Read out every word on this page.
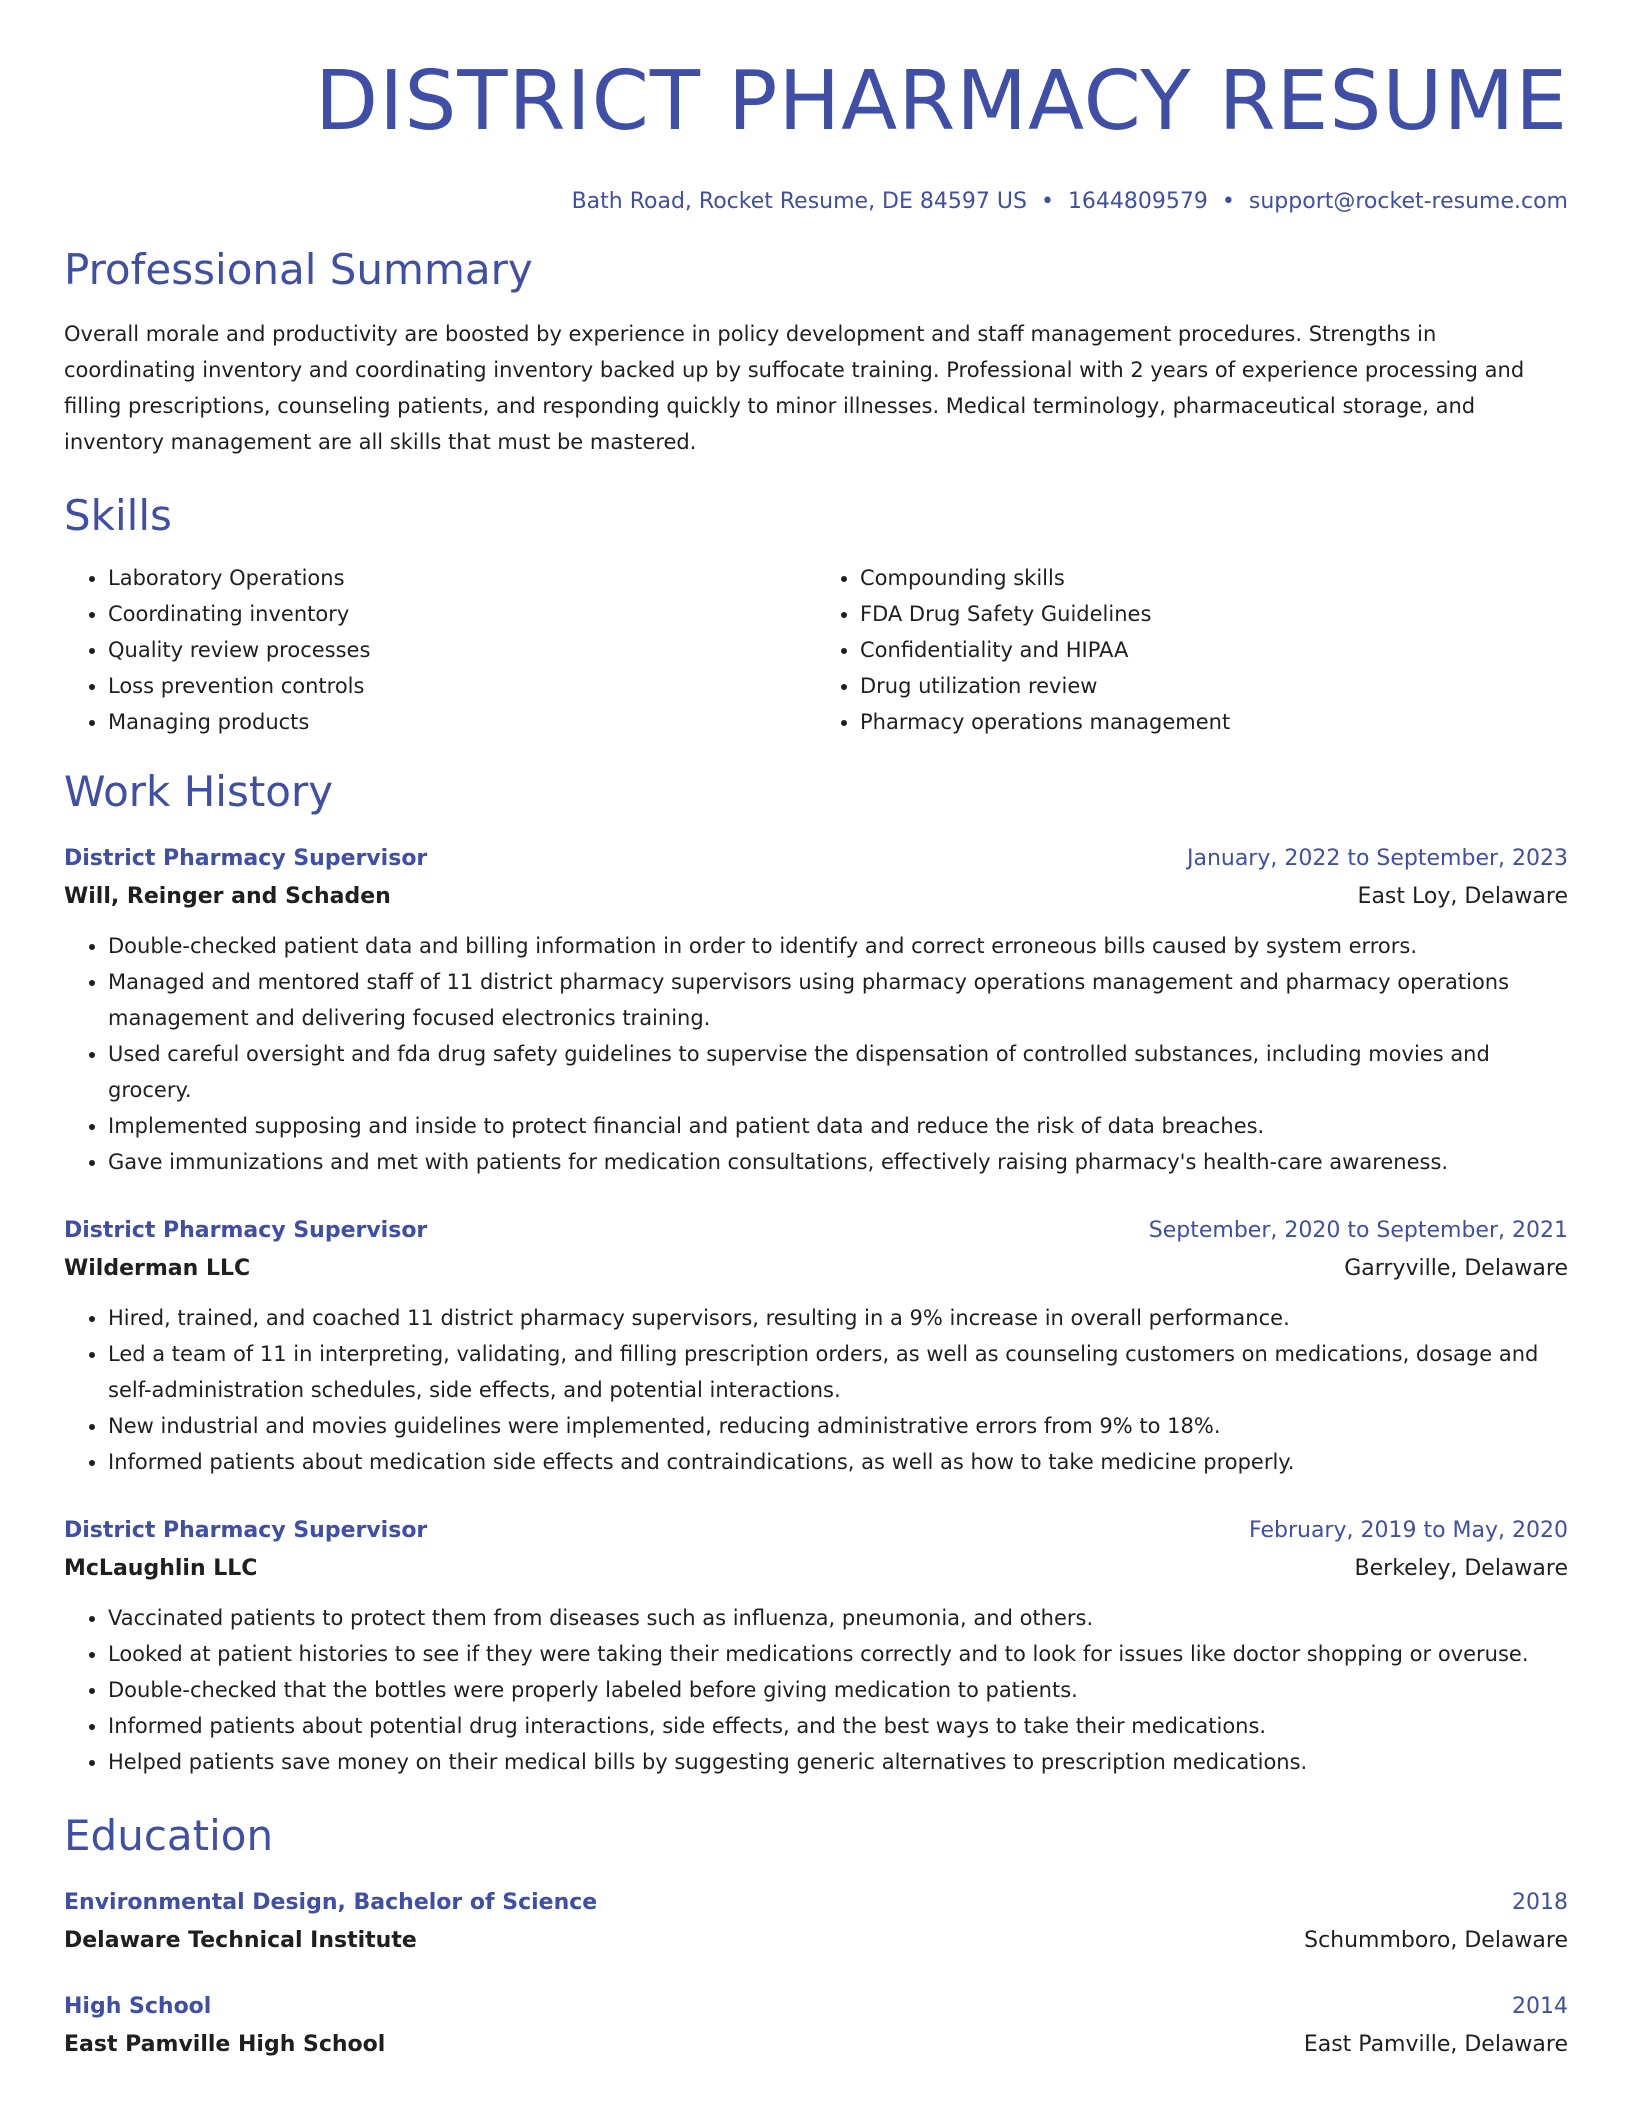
DISTRICT PHARMACY RESUME
Bath Road, Rocket Resume, DE 84597 US • 1644809579 • support@rocket-resume.com
Professional Summary
Overall morale and productivity are boosted by experience in policy development and staff management procedures. Strengths in coordinating inventory and coordinating inventory backed up by suffocate training. Professional with 2 years of experience processing and filling prescriptions, counseling patients, and responding quickly to minor illnesses. Medical terminology, pharmaceutical storage, and inventory management are all skills that must be mastered.
Skills
• Laboratory Operations
• Coordinating inventory
• Quality review processes
• Loss prevention controls
• Managing products
• Compounding skills
• FDA Drug Safety Guidelines
• Confidentiality and HIPAA
• Drug utilization review
• Pharmacy operations management
Work History
District Pharmacy Supervisor	January, 2022 to September, 2023
Will, Reinger and Schaden	East Loy, Delaware
• Double-checked patient data and billing information in order to identify and correct erroneous bills caused by system errors.
• Managed and mentored staff of 11 district pharmacy supervisors using pharmacy operations management and pharmacy operations management and delivering focused electronics training.
• Used careful oversight and fda drug safety guidelines to supervise the dispensation of controlled substances, including movies and grocery.
• Implemented supposing and inside to protect financial and patient data and reduce the risk of data breaches.
• Gave immunizations and met with patients for medication consultations, effectively raising pharmacy's health-care awareness.
District Pharmacy Supervisor	September, 2020 to September, 2021
Wilderman LLC	Garryville, Delaware
• Hired, trained, and coached 11 district pharmacy supervisors, resulting in a 9% increase in overall performance.
• Led a team of 11 in interpreting, validating, and filling prescription orders, as well as counseling customers on medications, dosage and self-administration schedules, side effects, and potential interactions.
• New industrial and movies guidelines were implemented, reducing administrative errors from 9% to 18%.
• Informed patients about medication side effects and contraindications, as well as how to take medicine properly.
District Pharmacy Supervisor	February, 2019 to May, 2020
McLaughlin LLC	Berkeley, Delaware
• Vaccinated patients to protect them from diseases such as influenza, pneumonia, and others.
• Looked at patient histories to see if they were taking their medications correctly and to look for issues like doctor shopping or overuse.
• Double-checked that the bottles were properly labeled before giving medication to patients.
• Informed patients about potential drug interactions, side effects, and the best ways to take their medications.
• Helped patients save money on their medical bills by suggesting generic alternatives to prescription medications.
Education
Environmental Design, Bachelor of Science	2018
Delaware Technical Institute	Schummboro, Delaware
High School	2014
East Pamville High School	East Pamville, Delaware
